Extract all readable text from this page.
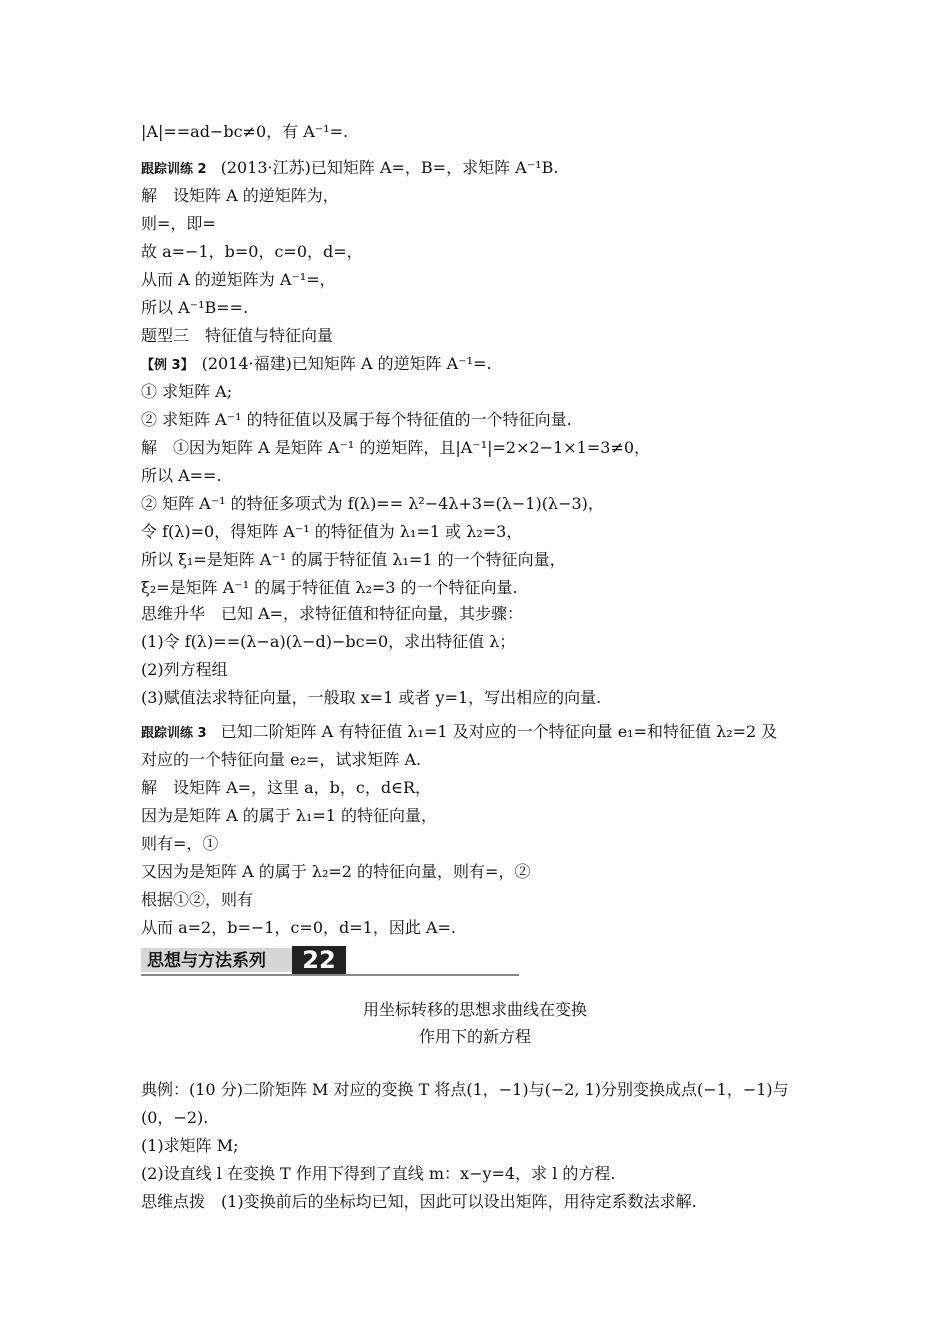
|A|==ad−bc≠0，有 A⁻¹=.
跟踪训练 2 (2013·江苏)已知矩阵 A=，B=，求矩阵 A⁻¹B.
解　设矩阵 A 的逆矩阵为，
则=，即=
故 a=−1，b=0，c=0，d=，
从而 A 的逆矩阵为 A⁻¹=，
所以 A⁻¹B==.
题型三　特征值与特征向量
【例 3】 (2014·福建)已知矩阵 A 的逆矩阵 A⁻¹=.
① 求矩阵 A;
② 求矩阵 A⁻¹ 的特征值以及属于每个特征值的一个特征向量.
解　①因为矩阵 A 是矩阵 A⁻¹ 的逆矩阵，且|A⁻¹|=2×2−1×1=3≠0，
所以 A==.
② 矩阵 A⁻¹ 的特征多项式为 f(λ)== λ²−4λ+3=(λ−1)(λ−3)，
令 f(λ)=0，得矩阵 A⁻¹ 的特征值为 λ₁=1 或 λ₂=3，
所以 ξ₁=是矩阵 A⁻¹ 的属于特征值 λ₁=1 的一个特征向量，
ξ₂=是矩阵 A⁻¹ 的属于特征值 λ₂=3 的一个特征向量.
思维升华　已知 A=，求特征值和特征向量，其步骤：
(1)令 f(λ)==(λ−a)(λ−d)−bc=0，求出特征值 λ；
(2)列方程组
(3)赋值法求特征向量，一般取 x=1 或者 y=1，写出相应的向量.
跟踪训练 3 已知二阶矩阵 A 有特征值 λ₁=1 及对应的一个特征向量 e₁=和特征值 λ₂=2 及
对应的一个特征向量 e₂=，试求矩阵 A.
解　设矩阵 A=，这里 a，b，c，d∈R，
因为是矩阵 A 的属于 λ₁=1 的特征向量，
则有=，①
又因为是矩阵 A 的属于 λ₂=2 的特征向量，则有=，②
根据①②，则有
从而 a=2，b=−1，c=0，d=1，因此 A=.
思想与方法系列	22
用坐标转移的思想求曲线在变换
作用下的新方程
典例：(10 分)二阶矩阵 M 对应的变换 T 将点(1，−1)与(−2, 1)分别变换成点(−1，−1)与
(0，−2).
(1)求矩阵 M;
(2)设直线 l 在变换 T 作用下得到了直线 m：x−y=4，求 l 的方程.
思维点拨　(1)变换前后的坐标均已知，因此可以设出矩阵，用待定系数法求解.
